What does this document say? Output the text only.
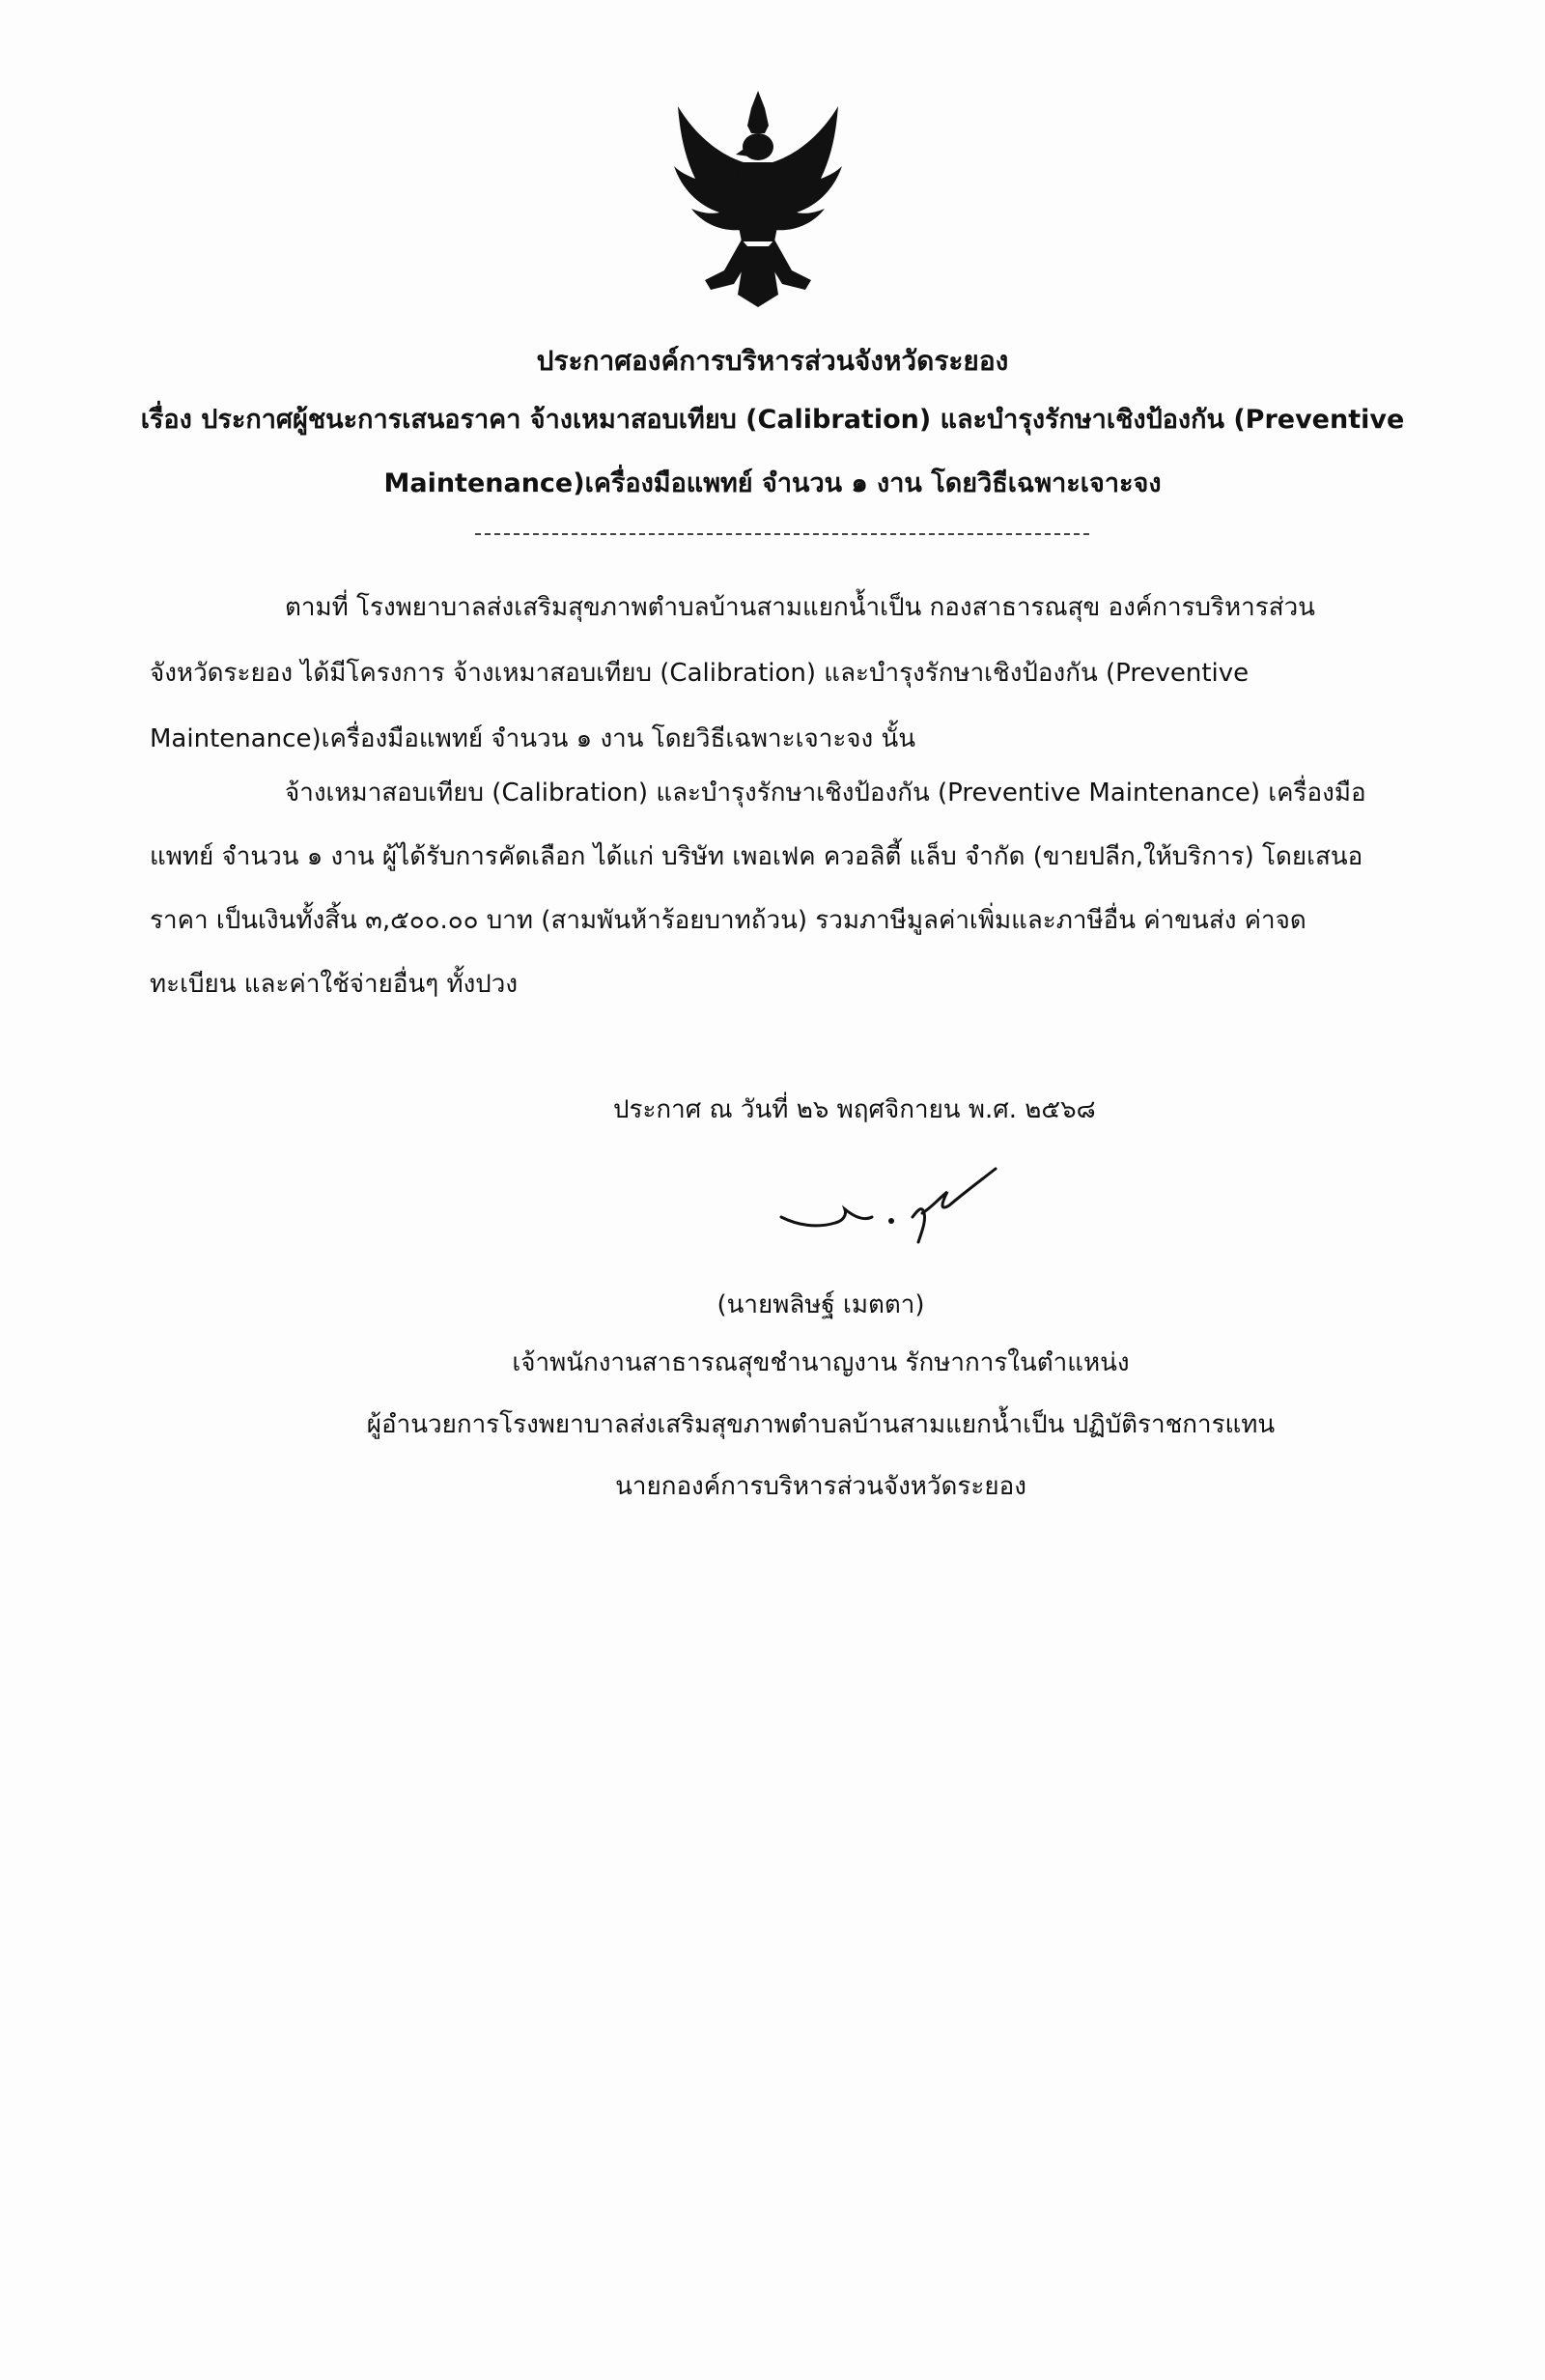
ประกาศองค์การบริหารส่วนจังหวัดระยอง
เรื่อง ประกาศผู้ชนะการเสนอราคา จ้างเหมาสอบเทียบ (Calibration) และบำรุงรักษาเชิงป้องกัน (Preventive
Maintenance)เครื่องมือแพทย์ จำนวน ๑ งาน โดยวิธีเฉพาะเจาะจง
ตามที่ โรงพยาบาลส่งเสริมสุขภาพตำบลบ้านสามแยกน้ำเป็น กองสาธารณสุข องค์การบริหารส่วน
จังหวัดระยอง ได้มีโครงการ จ้างเหมาสอบเทียบ (Calibration) และบำรุงรักษาเชิงป้องกัน (Preventive
Maintenance)เครื่องมือแพทย์ จำนวน ๑ งาน โดยวิธีเฉพาะเจาะจง นั้น
จ้างเหมาสอบเทียบ (Calibration) และบำรุงรักษาเชิงป้องกัน (Preventive Maintenance) เครื่องมือ
แพทย์ จำนวน ๑ งาน ผู้ได้รับการคัดเลือก ได้แก่ บริษัท เพอเฟค ควอลิตี้ แล็บ จำกัด (ขายปลีก,ให้บริการ) โดยเสนอ
ราคา เป็นเงินทั้งสิ้น ๓,๕๐๐.๐๐ บาท (สามพันห้าร้อยบาทถ้วน) รวมภาษีมูลค่าเพิ่มและภาษีอื่น ค่าขนส่ง ค่าจด
ทะเบียน และค่าใช้จ่ายอื่นๆ ทั้งปวง
ประกาศ ณ วันที่ ๒๖ พฤศจิกายน พ.ศ. ๒๕๖๘
(นายพลิษฐ์ เมตตา)
เจ้าพนักงานสาธารณสุขชำนาญงาน รักษาการในตำแหน่ง
ผู้อำนวยการโรงพยาบาลส่งเสริมสุขภาพตำบลบ้านสามแยกน้ำเป็น ปฏิบัติราชการแทน
นายกองค์การบริหารส่วนจังหวัดระยอง
